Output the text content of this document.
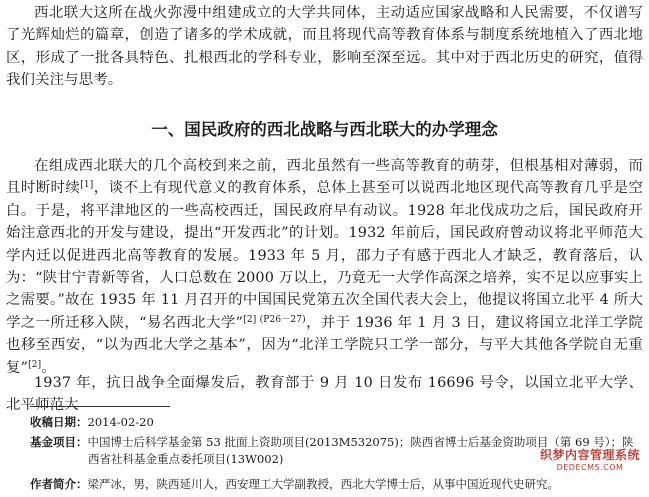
西北联大这所在战火弥漫中组建成立的大学共同体，主动适应国家战略和人民需要，不仅谱写了光辉灿烂的篇章，创造了诸多的学术成就，而且将现代高等教育体系与制度系统地植入了西北地区，形成了一批各具特色、扎根西北的学科专业，影响至深至远。其中对于西北历史的研究，值得我们关注与思考。

一、国民政府的西北战略与西北联大的办学理念

在组成西北联大的几个高校到来之前，西北虽然有一些高等教育的萌芽，但根基相对薄弱，而且时断时续[1]，谈不上有现代意义的教育体系，总体上甚至可以说西北地区现代高等教育几乎是空白。于是，将平津地区的一些高校西迁，国民政府早有动议。1928 年北伐成功之后，国民政府开始注意西北的开发与建设，提出“开发西北”的计划。1932 年前后，国民政府曾动议将北平师范大学内迁以促进西北高等教育的发展。1933 年 5 月，邵力子有感于西北人才缺乏，教育落后，认为：“陕甘宁青新等省，人口总数在 2000 万以上，乃竟无一大学作高深之培养，实不足以应事实上之需要。”故在 1935 年 11 月召开的中国国民党第五次全国代表大会上，他提议将国立北平 4 所大学之一所迁移入陕，“易名西北大学”$^{[2] (P26-27)}$，并于 1936 年 1 月 3 日，建议将国立北洋工学院也移至西安，“以为西北大学之基本”，因为“北洋工学院只工学一部分，与平大其他各学院自无重复”[2]。

1937 年，抗日战争全面爆发后，教育部于 9 月 10 日发布 16696 号令，以国立北平大学、北平师范大

收稿日期：2014-02-20

基金项目：中国博士后科学基金第 53 批面上资助项目(2013M532075)；陕西省博士后基金资助项目（第 69 号）；陕
西省社科基金重点委托项目(13W002)

作者简介：梁严冰，男，陕西延川人，西安理工大学副教授，西北大学博士后，从事中国近现代史研究。

织梦内容管理系统
DEDECMS.COM
